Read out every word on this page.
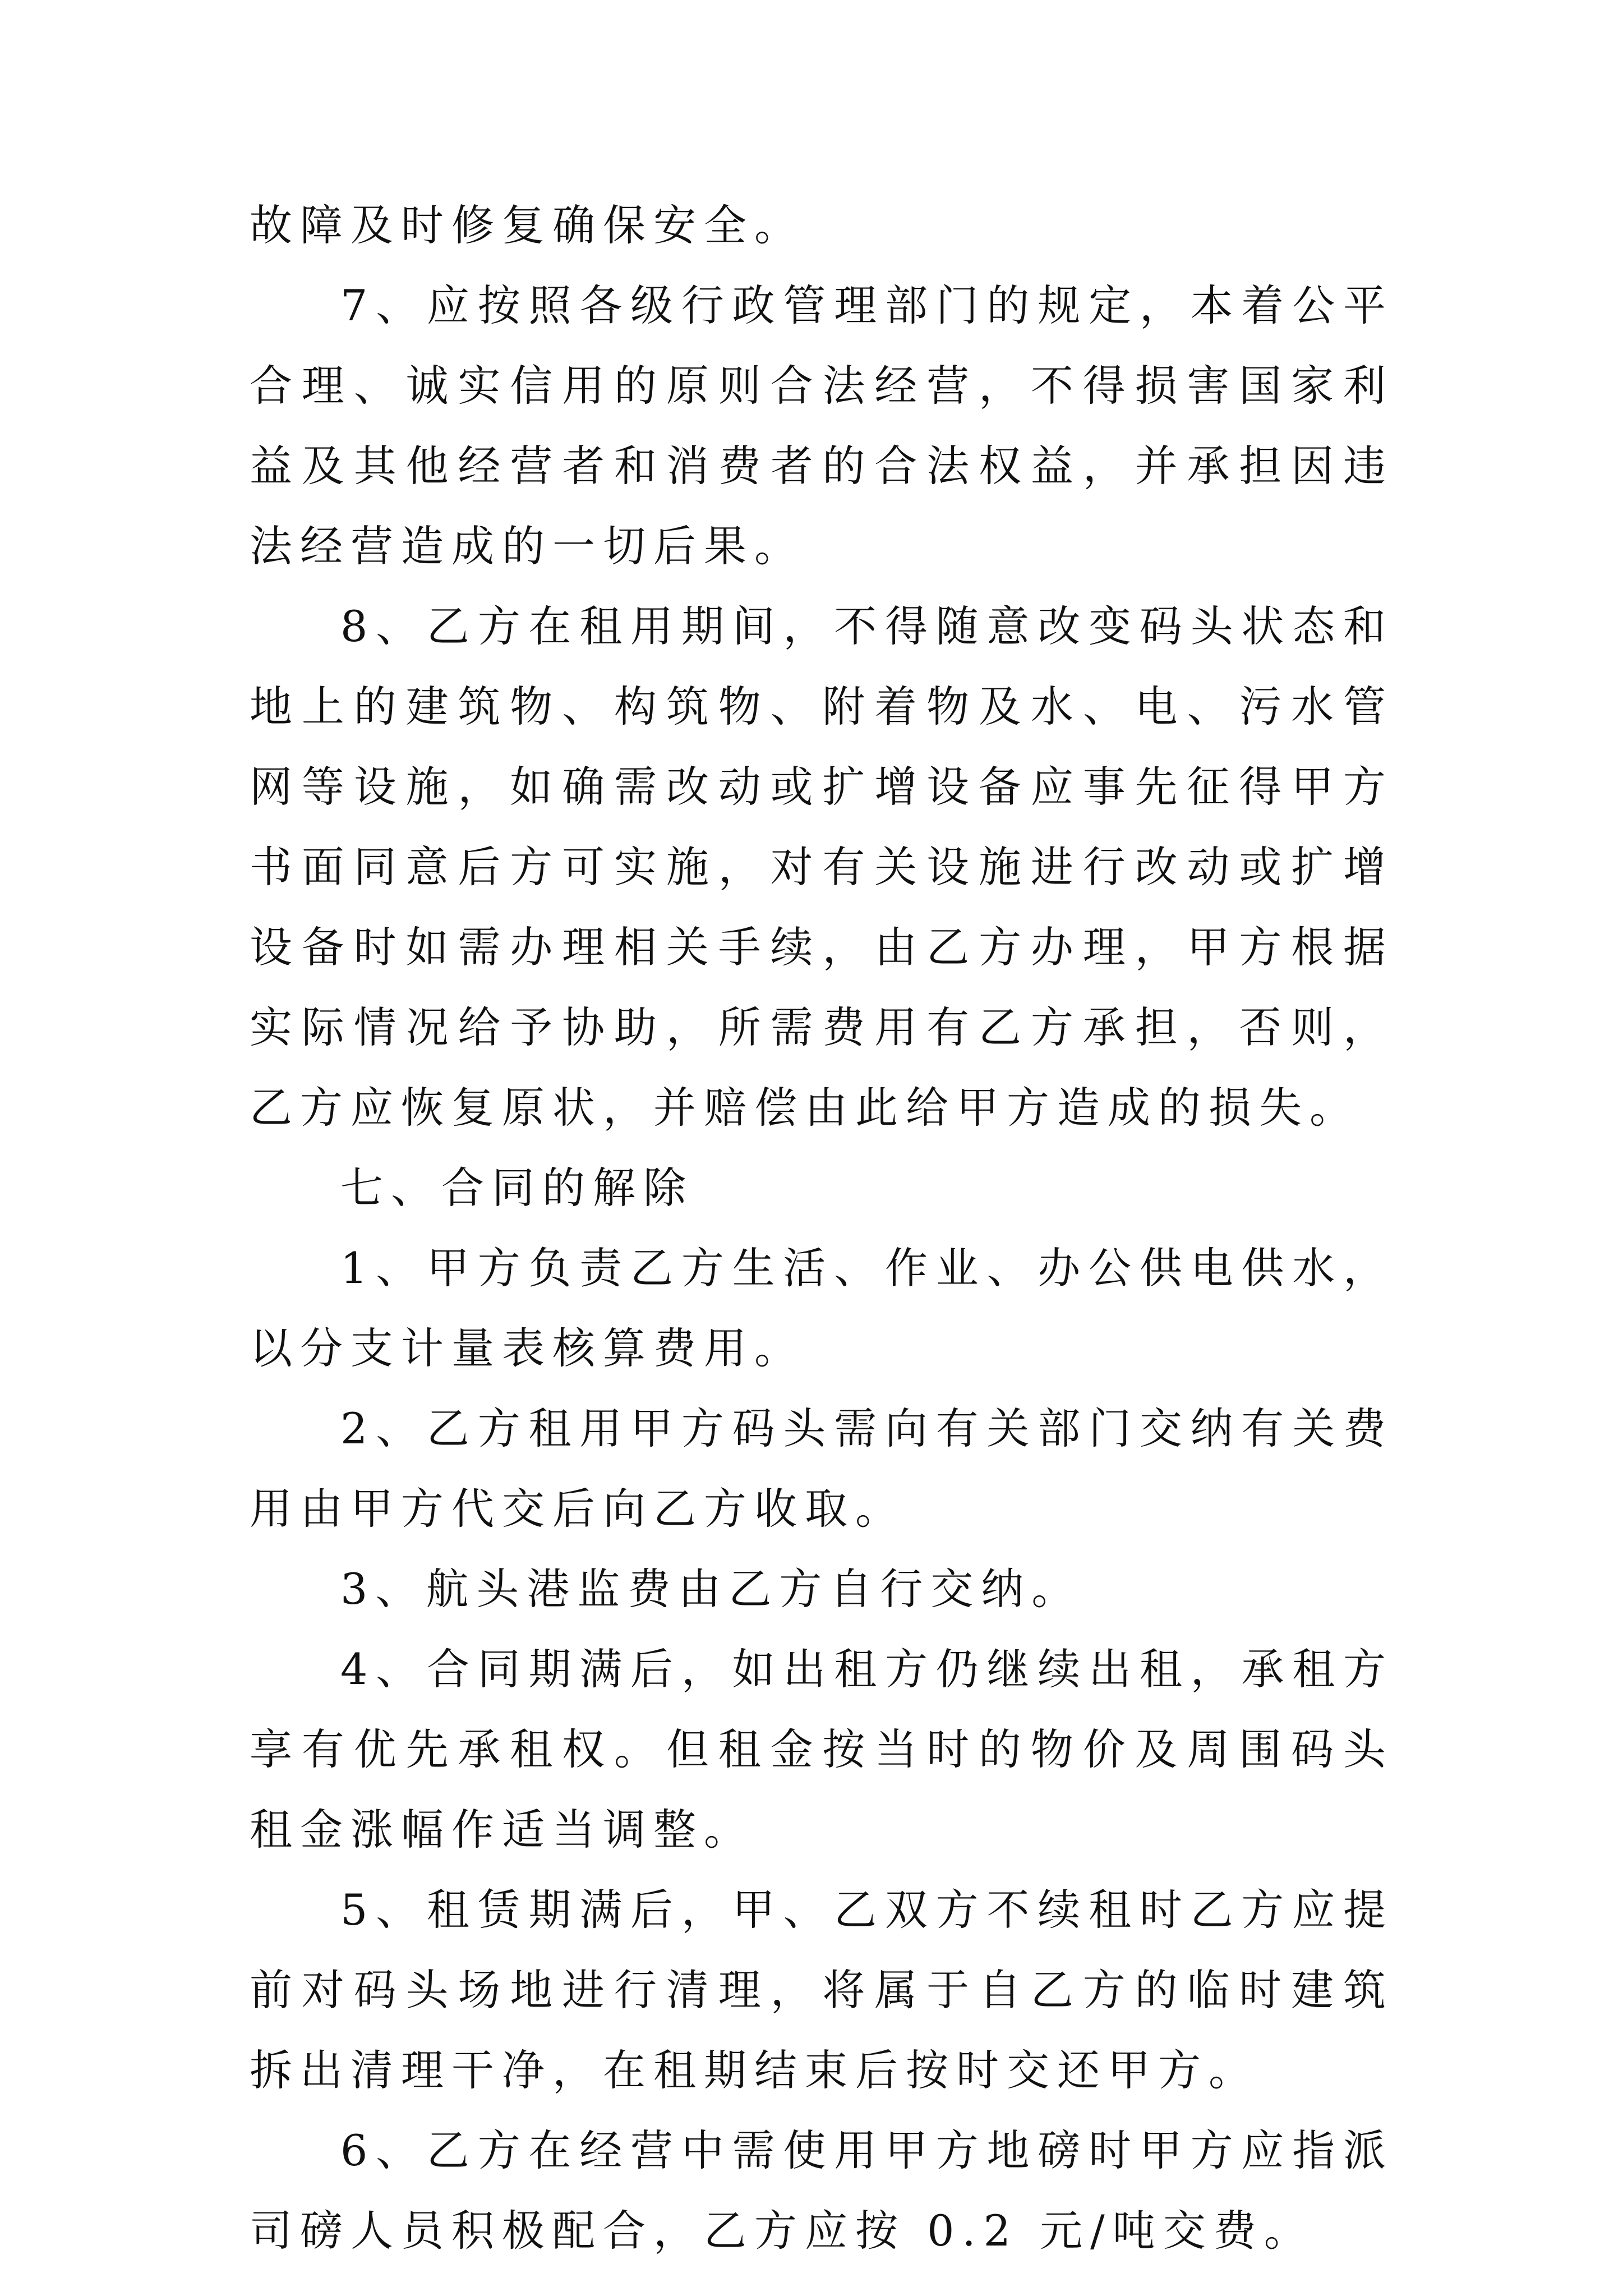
故障及时修复确保安全。

7、应按照各级行政管理部门的规定，本着公平合理、诚实信用的原则合法经营，不得损害国家利益及其他经营者和消费者的合法权益，并承担因违法经营造成的一切后果。

8、乙方在租用期间，不得随意改变码头状态和地上的建筑物、构筑物、附着物及水、电、污水管网等设施，如确需改动或扩增设备应事先征得甲方书面同意后方可实施，对有关设施进行改动或扩增设备时如需办理相关手续，由乙方办理，甲方根据实际情况给予协助，所需费用有乙方承担，否则，乙方应恢复原状，并赔偿由此给甲方造成的损失。

七、合同的解除

1、甲方负责乙方生活、作业、办公供电供水，以分支计量表核算费用。

2、乙方租用甲方码头需向有关部门交纳有关费用由甲方代交后向乙方收取。

3、航头港监费由乙方自行交纳。

4、合同期满后，如出租方仍继续出租，承租方享有优先承租权。但租金按当时的物价及周围码头租金涨幅作适当调整。

5、租赁期满后，甲、乙双方不续租时乙方应提前对码头场地进行清理，将属于自乙方的临时建筑拆出清理干净，在租期结束后按时交还甲方。

6、乙方在经营中需使用甲方地磅时甲方应指派司磅人员积极配合，乙方应按 0.2 元/吨交费。
